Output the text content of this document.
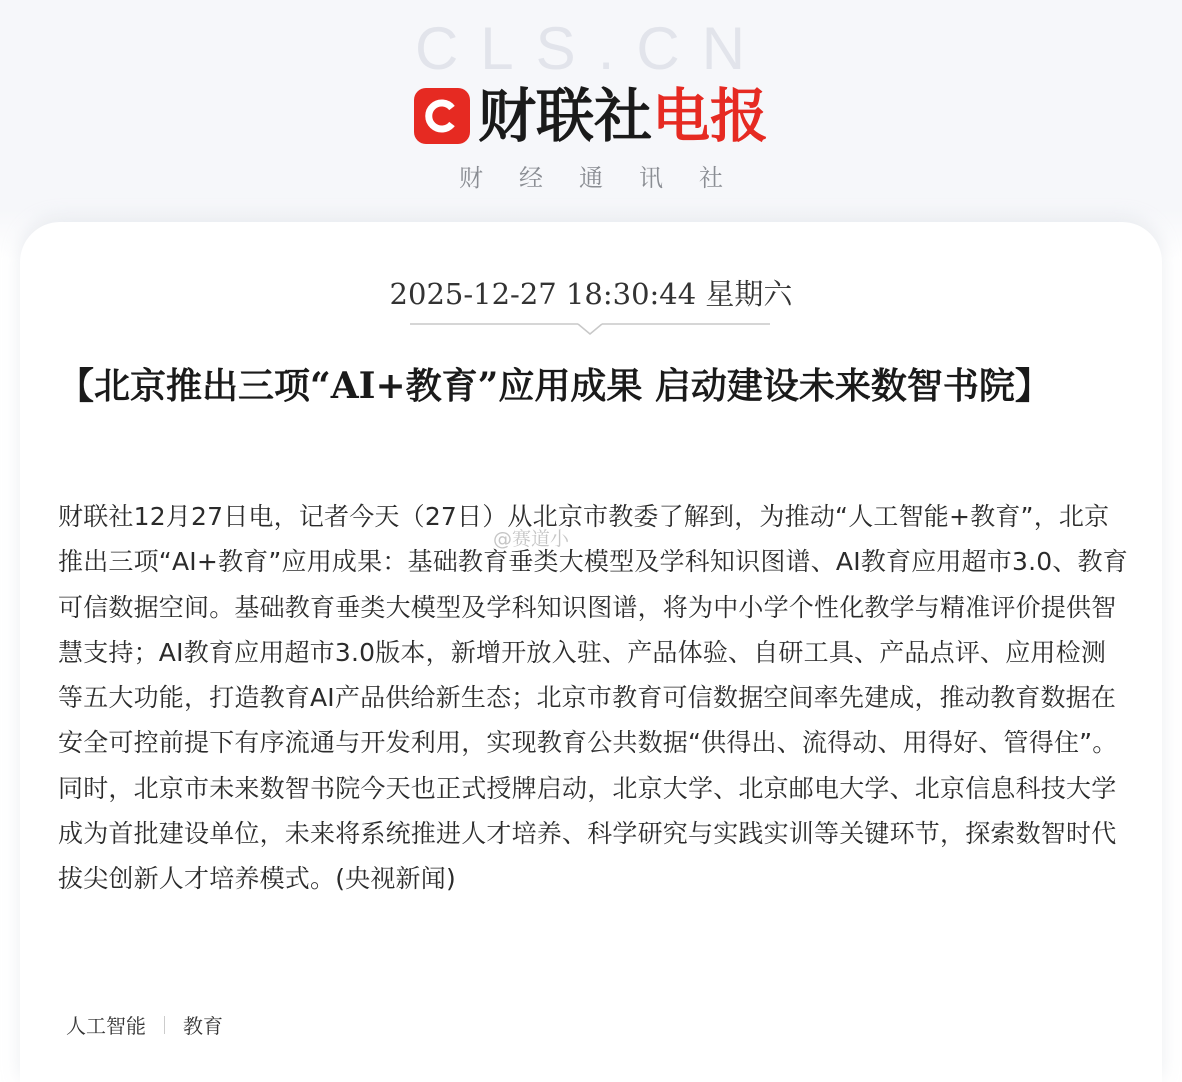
CLS.CN
财联社 电报
财经通讯社
2025-12-27 18:30:44 星期六
【北京推出三项“AI+教育”应用成果 启动建设未来数智书院】

财联社12月27日电，记者今天（27日）从北京市教委了解到，为推动“人工智能+教育”，北京推出三项“AI+教育”应用成果：基础教育垂类大模型及学科知识图谱、AI教育应用超市3.0、教育可信数据空间。基础教育垂类大模型及学科知识图谱，将为中小学个性化教学与精准评价提供智慧支持；AI教育应用超市3.0版本，新增开放入驻、产品体验、自研工具、产品点评、应用检测等五大功能，打造教育AI产品供给新生态；北京市教育可信数据空间率先建成，推动教育数据在安全可控前提下有序流通与开发利用，实现教育公共数据“供得出、流得动、用得好、管得住”。同时，北京市未来数智书院今天也正式授牌启动，北京大学、北京邮电大学、北京信息科技大学成为首批建设单位，未来将系统推进人才培养、科学研究与实践实训等关键环节，探索数智时代拔尖创新人才培养模式。(央视新闻)

@赛道小
人工智能 教育
